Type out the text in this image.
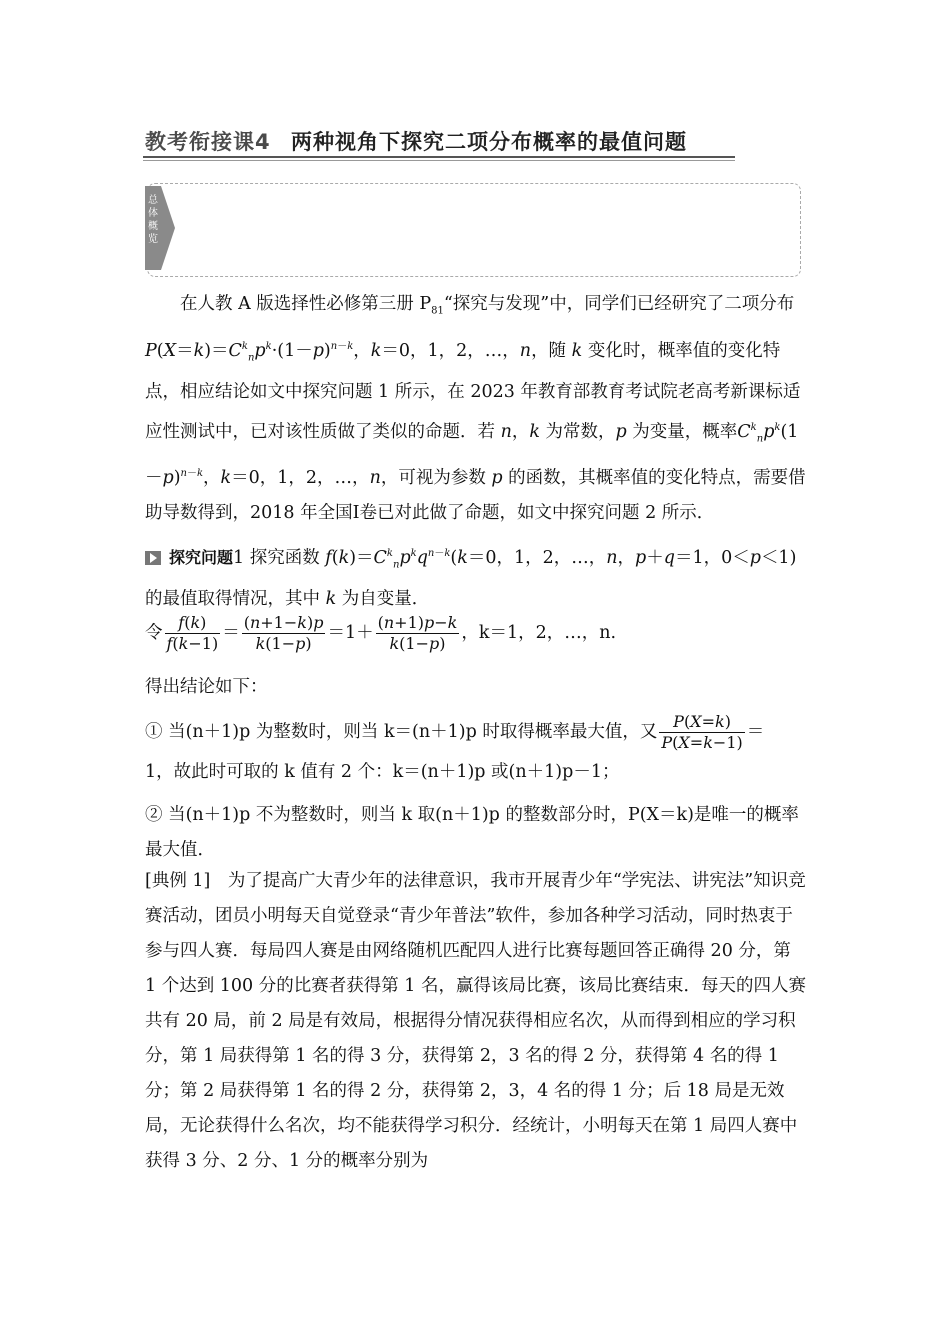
教考衔接课4 两种视角下探究二项分布概率的最值问题
总体概览
在人教 A 版选择性必修第三册 $P_{81}“$探究与发现”中，同学们已经研究了二项分布 $P(X=k)=C^k_np^k\cdot(1-p)^{n-k}$，k＝0，1，2，…，n，随 k 变化时，概率值的变化特点，相应结论如文中探究问题 1 所示，在 2023 年教育部教育考试院老高考新课标适应性测试中，已对该性质做了类似的命题．若 n，k 为常数，p 为变量，概率$C^k_np^k(1-p)^{n-k}$，k＝0，1，2，…，n，可视为参数 p 的函数，其概率值的变化特点，需要借助导数得到，2018 年全国Ⅰ卷已对此做了命题，如文中探究问题 2 所示．
探究问题1 探究函数 $f(k)=C^k_np^kq^{n-k}(k=0$，1，2，…，n，p＋q＝1，0＜p＜1)的最值取得情况，其中 k 为自变量．
令 $\frac{f(k)}{f(k-1)} = \frac{(n+1-k)p}{k(1-p)} =1+ \frac{(n+1)p-k}{k(1-p)}$ ，k＝1，2，…，n.
得出结论如下：
① 当(n＋1)p 为整数时，则当 k＝(n＋1)p 时取得概率最大值，又 $\frac{P(X=k)}{P(X=k-1)}$ ＝
1，故此时可取的 k 值有 2 个：k＝(n＋1)p 或(n＋1)p－1；
② 当(n＋1)p 不为整数时，则当 k 取(n＋1)p 的整数部分时，P(X＝k)是唯一的概率最大值．
[典例 1]　 为了提高广大青少年的法律意识，我市开展青少年“学宪法、讲宪法”知识竞赛活动，团员小明每天自觉登录“青少年普法”软件，参加各种学习活动，同时热衷于参与四人赛．每局四人赛是由网络随机匹配四人进行比赛每题回答正确得 20 分，第 1 个达到 100 分的比赛者获得第 1 名，赢得该局比赛，该局比赛结束．每天的四人赛共有 20 局，前 2 局是有效局，根据得分情况获得相应名次，从而得到相应的学习积分，第 1 局获得第 1 名的得 3 分，获得第 2，3 名的得 2 分，获得第 4 名的得 1 分；第 2 局获得第 1 名的得 2 分，获得第 2，3，4 名的得 1 分；后 18 局是无效局，无论获得什么名次，均不能获得学习积分．经统计，小明每天在第 1 局四人赛中获得 3 分、2 分、1 分的概率分别为
